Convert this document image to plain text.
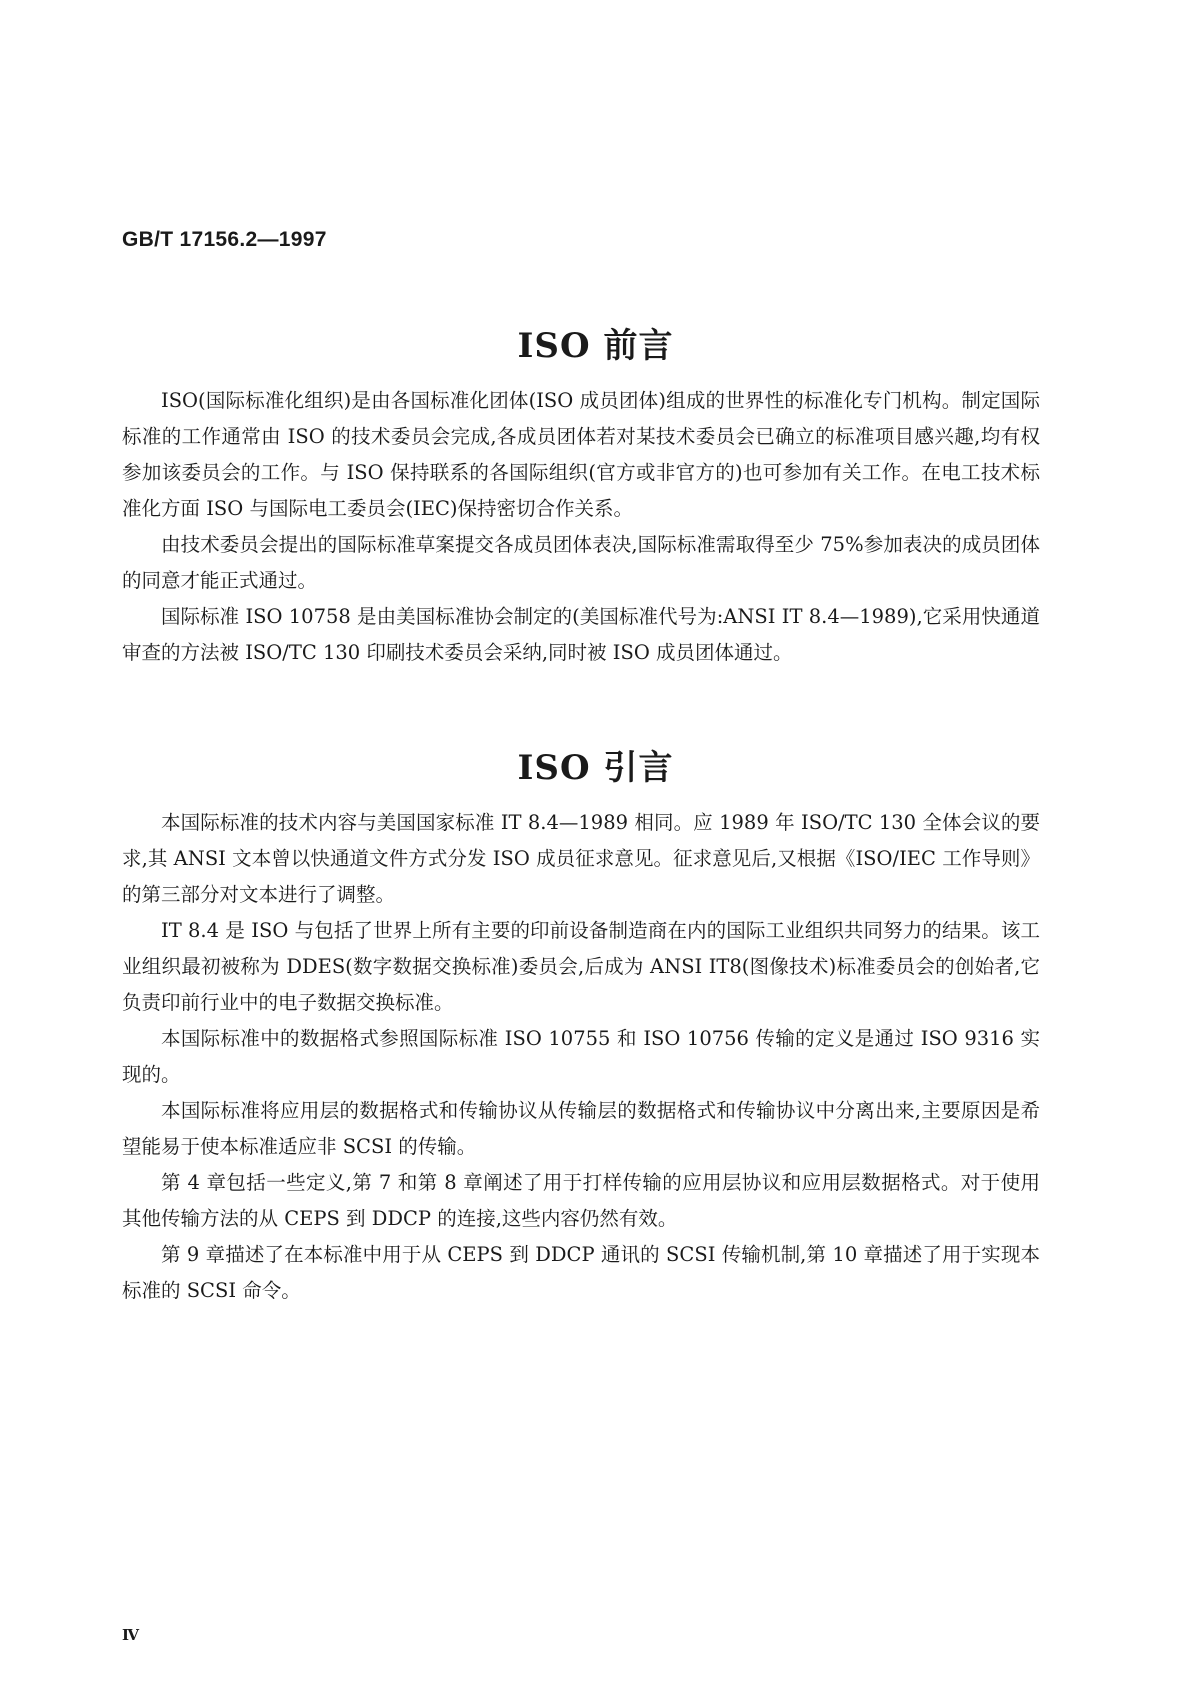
GB/T 17156.2—1997
ISO 前言

ISO(国际标准化组织)是由各国标准化团体(ISO 成员团体)组成的世界性的标准化专门机构。制定国际标准的工作通常由 ISO 的技术委员会完成,各成员团体若对某技术委员会已确立的标准项目感兴趣,均有权参加该委员会的工作。与 ISO 保持联系的各国际组织(官方或非官方的)也可参加有关工作。在电工技术标准化方面 ISO 与国际电工委员会(IEC)保持密切合作关系。

由技术委员会提出的国际标准草案提交各成员团体表决,国际标准需取得至少 75%参加表决的成员团体的同意才能正式通过。

国际标准 ISO 10758 是由美国标准协会制定的(美国标准代号为:ANSI IT 8.4—1989),它采用快通道审查的方法被 ISO/TC 130 印刷技术委员会采纳,同时被 ISO 成员团体通过。

ISO 引言

本国际标准的技术内容与美国国家标准 IT 8.4—1989 相同。应 1989 年 ISO/TC 130 全体会议的要求,其 ANSI 文本曾以快通道文件方式分发 ISO 成员征求意见。征求意见后,又根据《ISO/IEC 工作导则》的第三部分对文本进行了调整。

IT 8.4 是 ISO 与包括了世界上所有主要的印前设备制造商在内的国际工业组织共同努力的结果。该工业组织最初被称为 DDES(数字数据交换标准)委员会,后成为 ANSI IT8(图像技术)标准委员会的创始者,它负责印前行业中的电子数据交换标准。

本国际标准中的数据格式参照国际标准 ISO 10755 和 ISO 10756 传输的定义是通过 ISO 9316 实现的。

本国际标准将应用层的数据格式和传输协议从传输层的数据格式和传输协议中分离出来,主要原因是希望能易于使本标准适应非 SCSI 的传输。

第 4 章包括一些定义,第 7 和第 8 章阐述了用于打样传输的应用层协议和应用层数据格式。对于使用其他传输方法的从 CEPS 到 DDCP 的连接,这些内容仍然有效。

第 9 章描述了在本标准中用于从 CEPS 到 DDCP 通讯的 SCSI 传输机制,第 10 章描述了用于实现本标准的 SCSI 命令。

Ⅳ
